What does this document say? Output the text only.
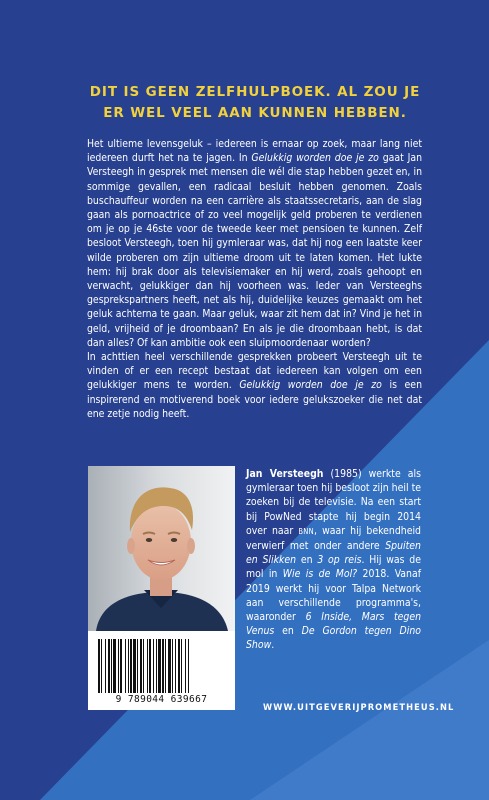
DIT IS GEEN ZELFHULPBOEK. AL ZOU JE
ER WEL VEEL AAN KUNNEN HEBBEN.

Het ultieme levensgeluk – iedereen is ernaar op zoek, maar lang niet iedereen durft het na te jagen. In Gelukkig worden doe je zo gaat Jan Versteegh in gesprek met mensen die wél die stap hebben gezet en, in sommige gevallen, een radicaal besluit hebben genomen. Zoals buschauffeur worden na een carrière als staatssecretaris, aan de slag gaan als pornoactrice of zo veel mogelijk geld proberen te verdienen om je op je 46ste voor de tweede keer met pensioen te kunnen. Zelf besloot Versteegh, toen hij gymleraar was, dat hij nog een laatste keer wilde proberen om zijn ultieme droom uit te laten komen. Het lukte hem: hij brak door als televisiemaker en hij werd, zoals gehoopt en verwacht, gelukkiger dan hij voorheen was. Ieder van Versteeghs gesprekspartners heeft, net als hij, duidelijke keuzes gemaakt om het geluk achterna te gaan. Maar geluk, waar zit hem dat in? Vind je het in geld, vrijheid of je droombaan? En als je die droombaan hebt, is dat dan alles? Of kan ambitie ook een sluipmoordenaar worden?

In achttien heel verschillende gesprekken probeert Versteegh uit te vinden of er een recept bestaat dat iedereen kan volgen om een gelukkiger mens te worden. Gelukkig worden doe je zo is een inspirerend en motiverend boek voor iedere gelukszoeker die net dat ene zetje nodig heeft.

9 789044 639667

Jan Versteegh (1985) werkte als gymleraar toen hij besloot zijn heil te zoeken bij de televisie. Na een start bij PowNed stapte hij begin 2014 over naar BNN, waar hij bekendheid verwierf met onder andere Spuiten en Slikken en 3 op reis. Hij was de mol in Wie is de Mol? 2018. Vanaf 2019 werkt hij voor Talpa Network aan verschillende programma's, waaronder 6 Inside, Mars tegen Venus en De Gordon tegen Dino Show.

WWW.UITGEVERIJPROMETHEUS.NL
